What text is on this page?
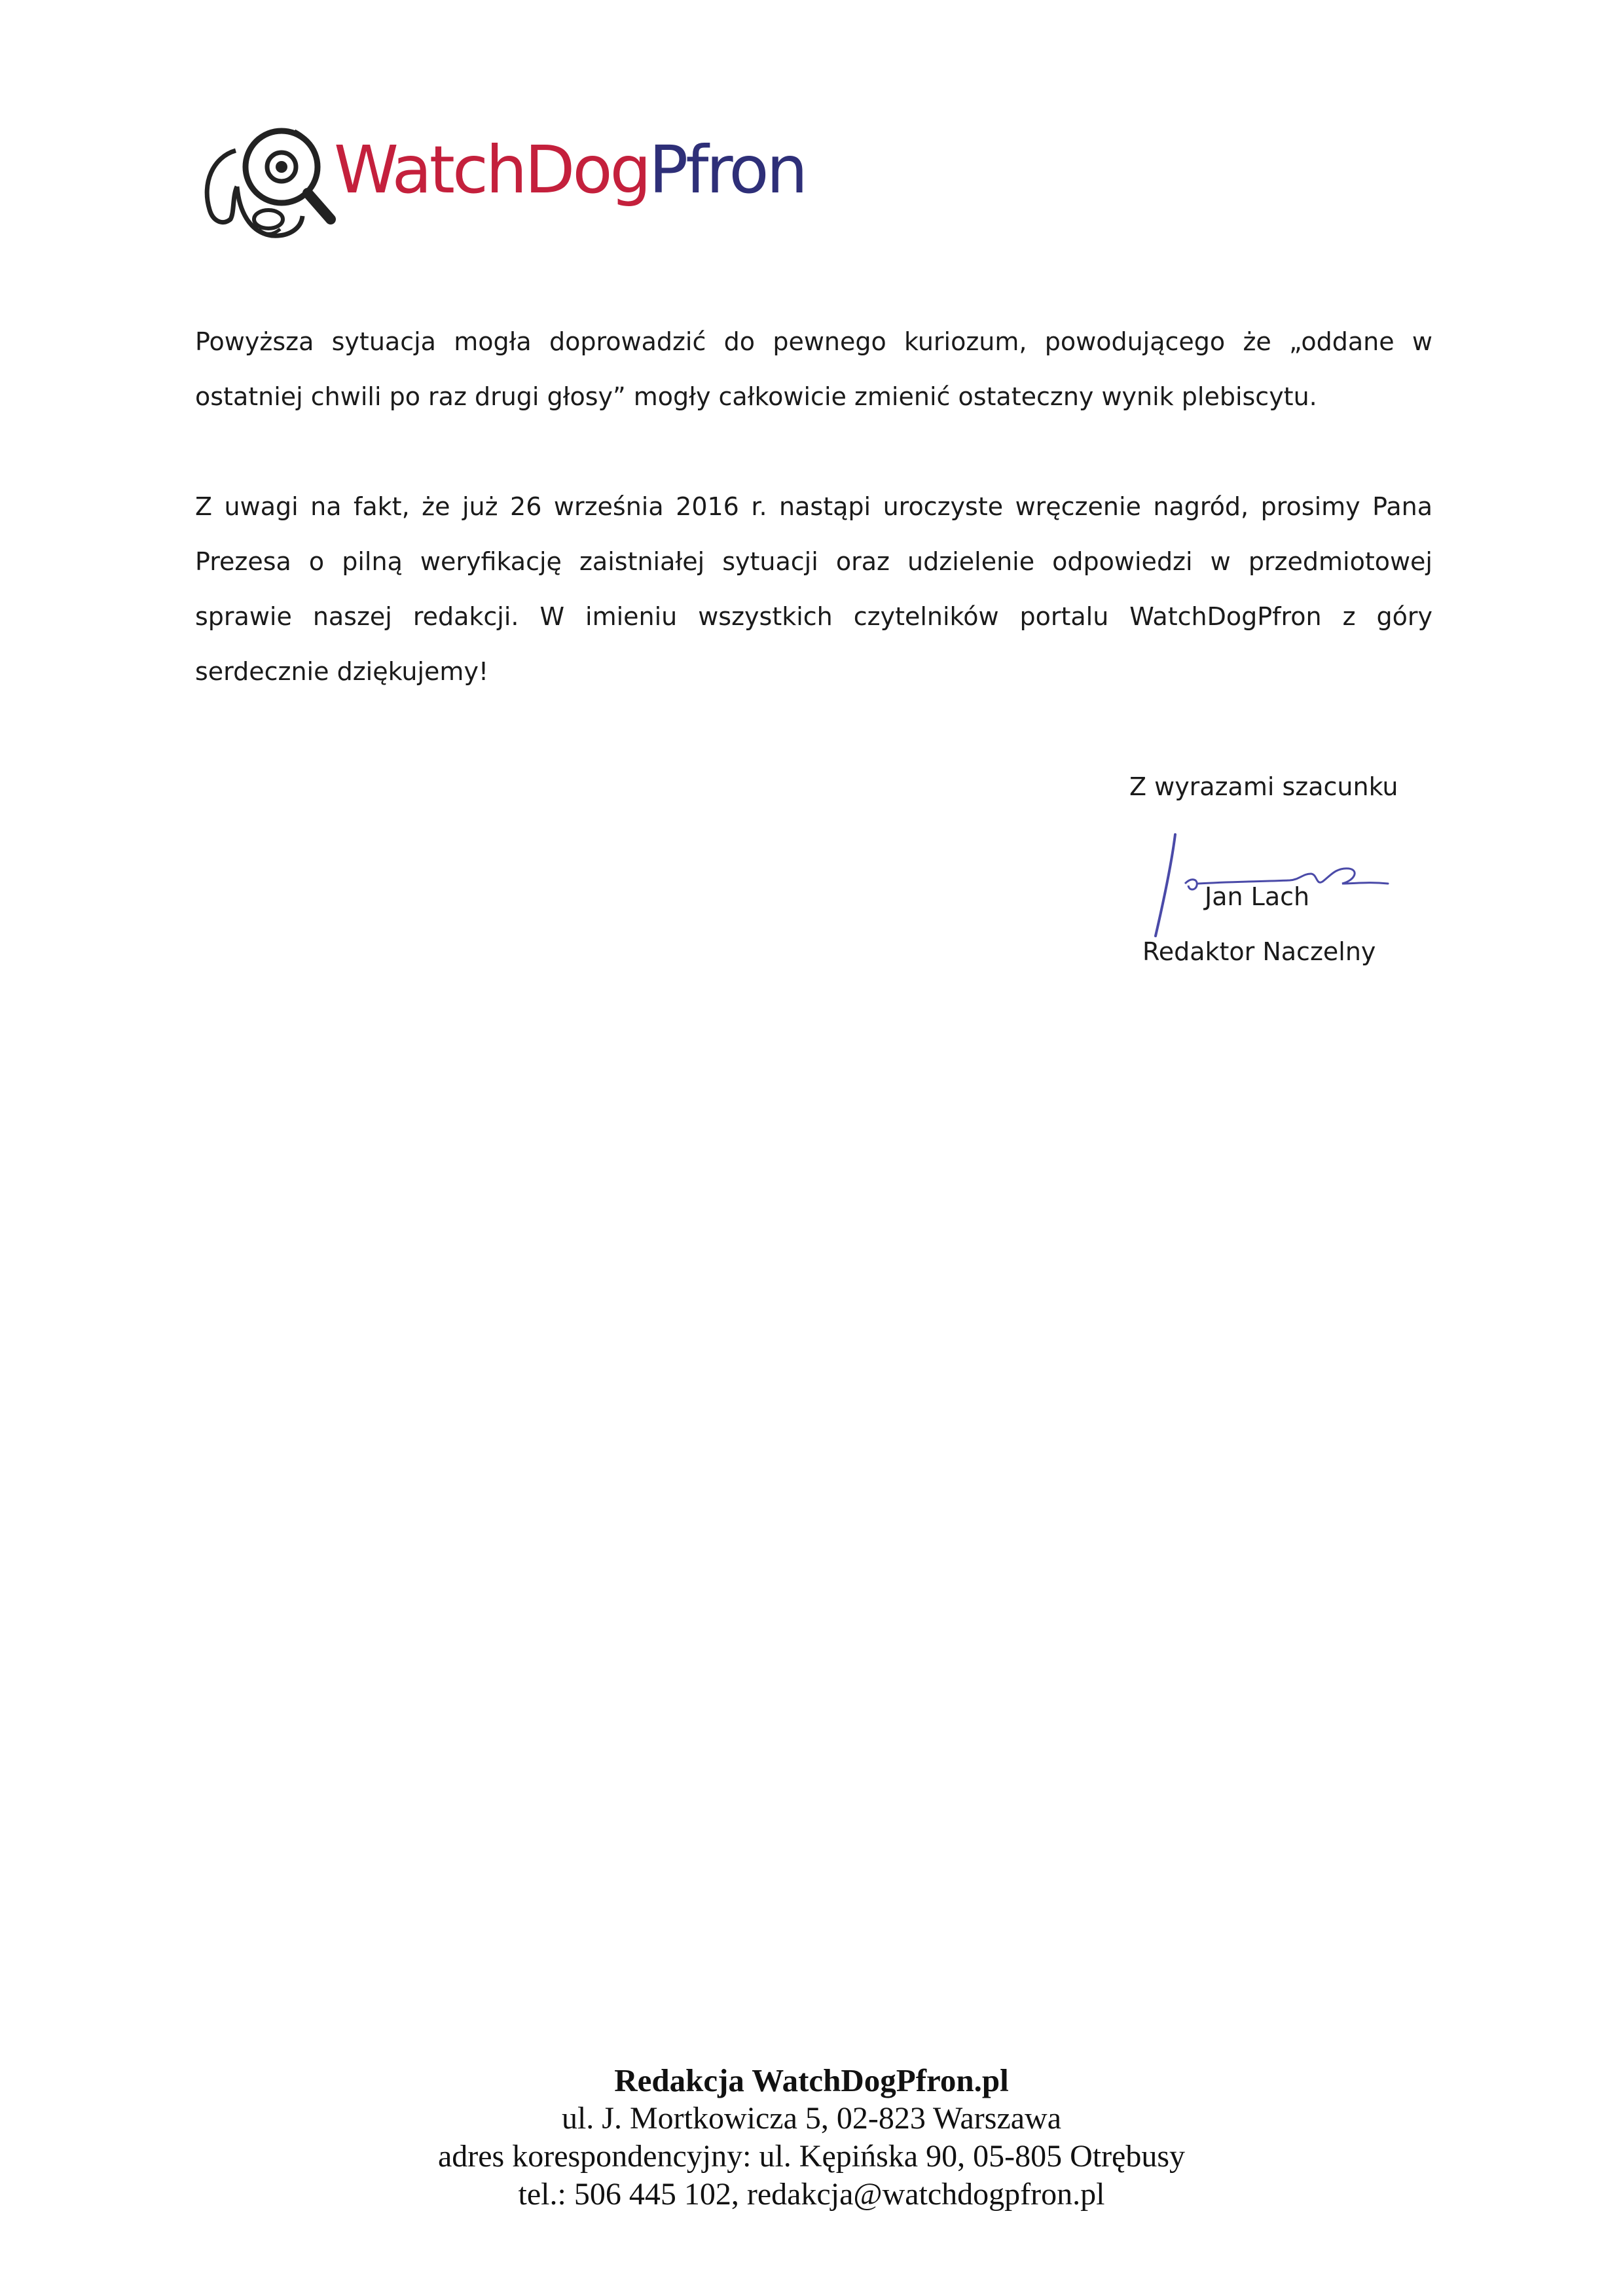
WatchDogPfron

Powyższa sytuacja mogła doprowadzić do pewnego kuriozum, powodującego że „oddane w ostatniej chwili po raz drugi głosy” mogły całkowicie zmienić ostateczny wynik plebiscytu.

Z uwagi na fakt, że już 26 września 2016 r. nastąpi uroczyste wręczenie nagród, prosimy Pana Prezesa o pilną weryfikację zaistniałej sytuacji oraz udzielenie odpowiedzi w przedmiotowej sprawie naszej redakcji. W imieniu wszystkich czytelników portalu WatchDogPfron z góry serdecznie dziękujemy!

Z wyrazami szacunku
Jan Lach
Redaktor Naczelny
Redakcja WatchDogPfron.pl
ul. J. Mortkowicza 5, 02-823 Warszawa
adres korespondencyjny: ul. Kępińska 90, 05-805 Otrębusy
tel.: 506 445 102, redakcja@watchdogpfron.pl
